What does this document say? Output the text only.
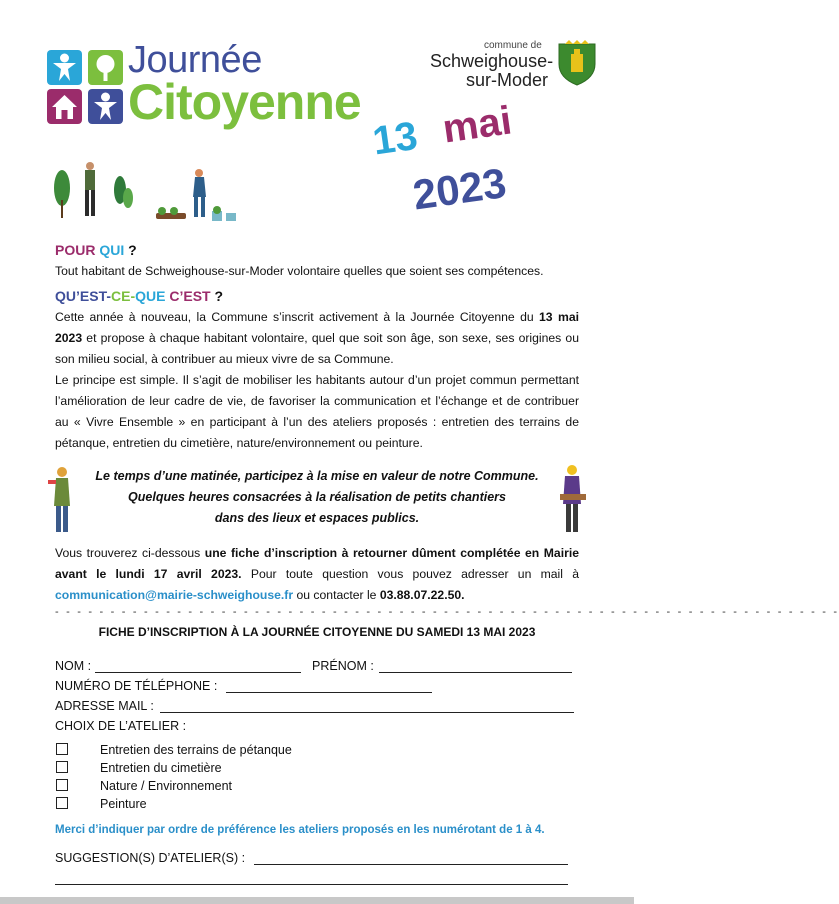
Journée
Citoyenne
commune de
Schweighouse-
sur-Moder
13 mai
2023
POUR QUI ?
Tout habitant de Schweighouse-sur-Moder volontaire quelles que soient ses compétences.
QU’EST-CE-QUE C’EST ?
Cette année à nouveau, la Commune s’inscrit activement à la Journée Citoyenne du 13 mai 2023 et propose à chaque habitant volontaire, quel que soit son âge, son sexe, ses origines ou son milieu social, à contribuer au mieux vivre de sa Commune.
Le principe est simple. Il s’agit de mobiliser les habitants autour d’un projet commun permettant l’amélioration de leur cadre de vie, de favoriser la communication et l’échange et de contribuer au « Vivre Ensemble » en participant à l’un des ateliers proposés : entretien des terrains de pétanque, entretien du cimetière, nature/environnement ou peinture.
Le temps d’une matinée, participez à la mise en valeur de notre Commune.
Quelques heures consacrées à la réalisation de petits chantiers
dans des lieux et espaces publics.
Vous trouverez ci-dessous une fiche d’inscription à retourner dûment complétée en Mairie avant le lundi 17 avril 2023. Pour toute question vous pouvez adresser un mail à communication@mairie-schweighouse.fr ou contacter le 03.88.07.22.50.
- - - - - - - - - - - - - - - - - - - - - - - - - - - - - - - - - - - - - - - - - - - - - - - - - - - - - - - - - - - - - - - - - - - - - - -
FICHE D’INSCRIPTION À LA JOURNÉE CITOYENNE DU SAMEDI 13 MAI 2023
NOM :	PRÉNOM :
NUMÉRO DE TÉLÉPHONE :
ADRESSE MAIL :
CHOIX DE L’ATELIER :
Entretien des terrains de pétanque
Entretien du cimetière
Nature / Environnement
Peinture
Merci d’indiquer par ordre de préférence les ateliers proposés en les numérotant de 1 à 4.
SUGGESTION(S) D’ATELIER(S) :
